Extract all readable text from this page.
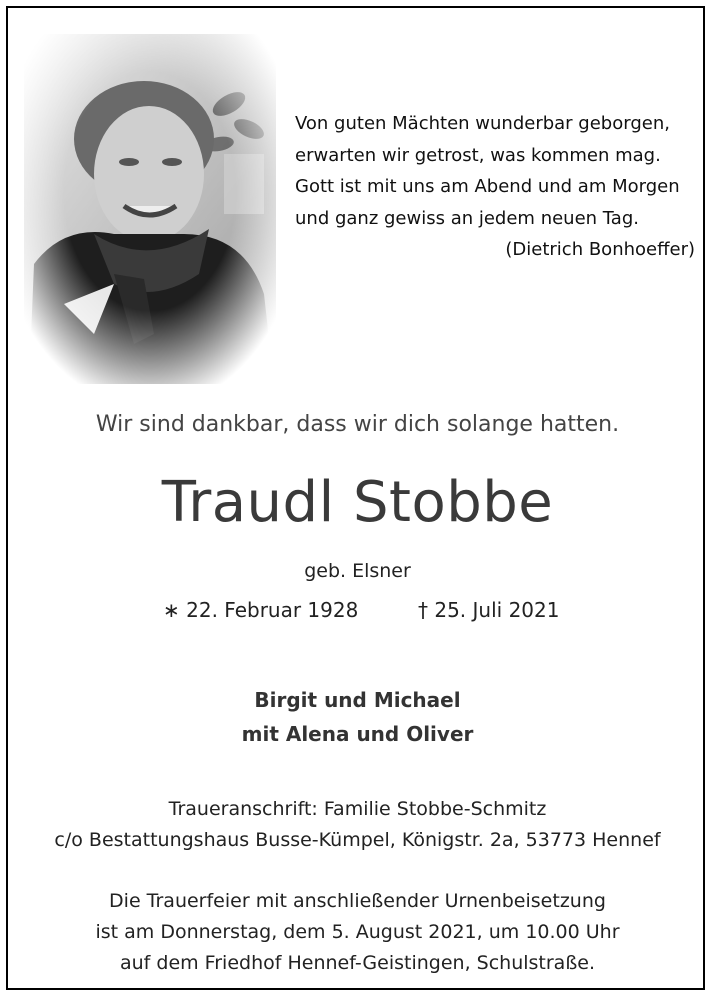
Von guten Mächten wunderbar geborgen,
erwarten wir getrost, was kommen mag.
Gott ist mit uns am Abend und am Morgen
und ganz gewiss an jedem neuen Tag.
(Dietrich Bonhoeffer)
Wir sind dankbar, dass wir dich solange hatten.
Traudl Stobbe
geb. Elsner
∗ 22. Februar 1928	† 25. Juli 2021
Birgit und Michael
mit Alena und Oliver
Traueranschrift: Familie Stobbe-Schmitz
c/o Bestattungshaus Busse-Kümpel, Königstr. 2a, 53773 Hennef
Die Trauerfeier mit anschließender Urnenbeisetzung
ist am Donnerstag, dem 5. August 2021, um 10.00 Uhr
auf dem Friedhof Hennef-Geistingen, Schulstraße.
